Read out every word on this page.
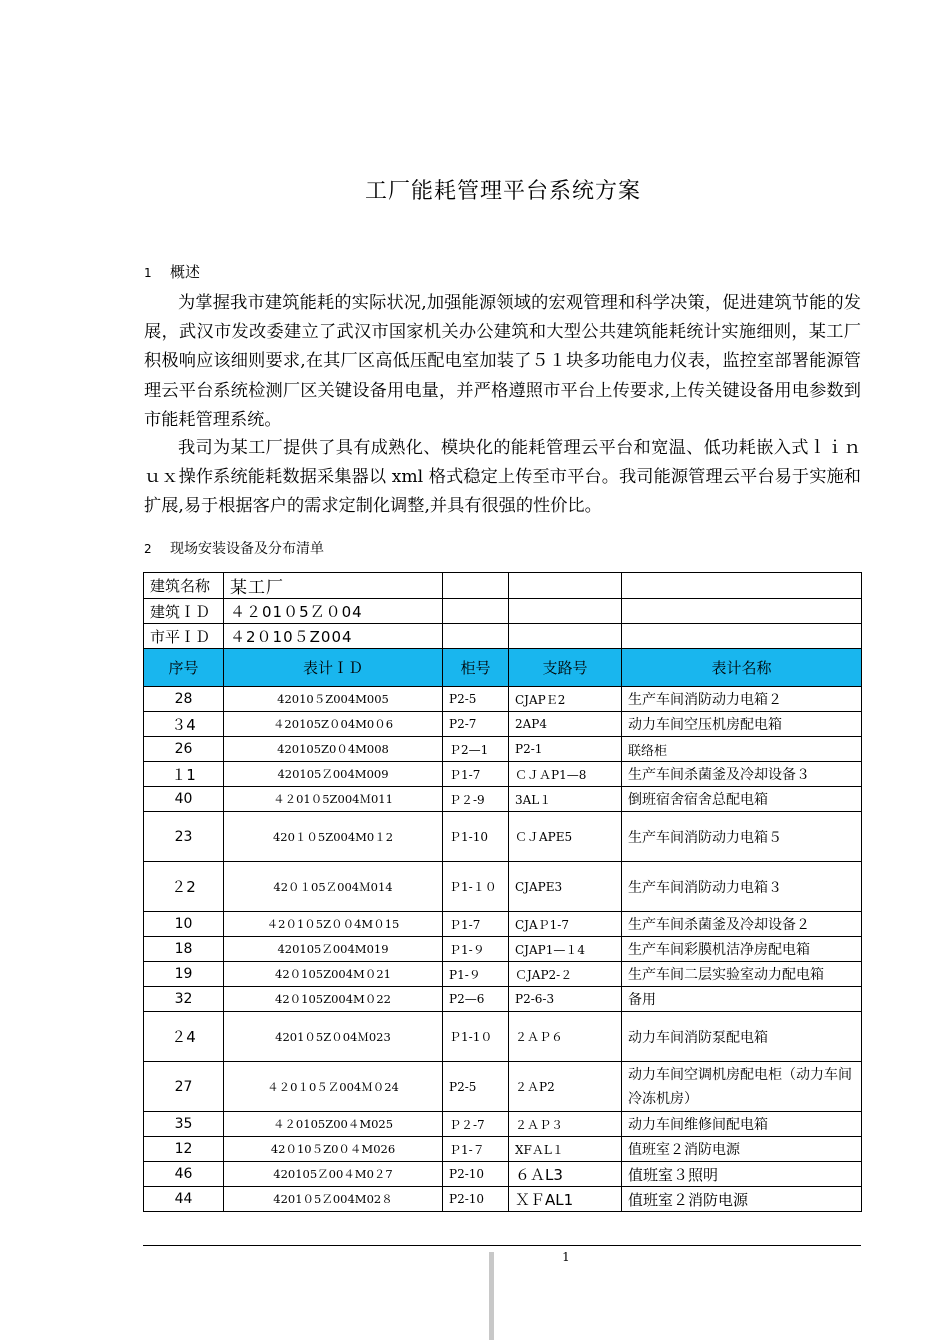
工厂能耗管理平台系统方案
1 概述

为掌握我市建筑能耗的实际状况,加强能源领域的宏观管理和科学决策，促进建筑节能的发展，武汉市发改委建立了武汉市国家机关办公建筑和大型公共建筑能耗统计实施细则，某工厂积极响应该细则要求,在其厂区高低压配电室加装了５１块多功能电力仪表，监控室部署能源管理云平台系统检测厂区关键设备用电量，并严格遵照市平台上传要求,上传关键设备用电参数到市能耗管理系统。

我司为某工厂提供了具有成熟化、模块化的能耗管理云平台和宽温、低功耗嵌入式ｌｉｎｕｘ操作系统能耗数据采集器以 xml 格式稳定上传至市平台。我司能源管理云平台易于实施和扩展,易于根据客户的需求定制化调整,并具有很强的性价比。

2 现场安装设备及分布清单
建筑名称	某工厂			
建筑ＩＤ	４２01０5Ｚ０04			
市平ＩＤ	４2０10５Z004			
序号	表计ＩＤ	柜号	支路号	表计名称
28	42010５Z004M005	P2-5	CJAPＥ2	生产车间消防动力电箱２
３4	４20105Z０04M0０6	P2-7	2AP4	动力车间空压机房配电箱
26	420105Z0０4M008	Ｐ2—1	P2-1	联络柜
１1	420105Ｚ004M009	Ｐ1-7	ＣＪＡP1—8	生产车间杀菌釜及冷却设备３
40	４２01０5Z004Ｍ011	Ｐ２-9	3AL１	倒班宿舍宿舍总配电箱
23	420１０5Z004M0１2	Ｐ1-10	ＣＪAPE5	生产车间消防动力电箱５
２2	42０１05Ｚ004Ｍ014	Ｐ1-１０	CJAPE3	生产车间消防动力电箱３
10	４2０1０5Z００4M０15	Ｐ1-7	CJAＰ1-7	生产车间杀菌釜及冷却设备２
18	420105Ｚ004M019	Ｐ1-９	CJAP1—１4	生产车间彩膜机洁净房配电箱
19	42０105Z004M０21	P1-９	ＣJAP2-２	生产车间二层实验室动力配电箱
32	42０105Z004M０22	P2—6	P2-6-3	备用
２4	4201０5Z０04Ｍ023	Ｐ1-1０	２ＡＰ６	动力车间消防泵配电箱
27	４２0１0５Ｚ004Ｍ０24	P2-5	２ＡP2	动力车间空调机房配电柜（动力车间冷冻机房）
35	４２0105Z00４M025	Ｐ２-7	２ＡＰ３	动力车间维修间配电箱
12	42０10５Z0０４M026	Ｐ1-７	XFＡL１	值班室２消防电源
46	420105Ｚ00４M0２7	P2-10	６ＡL3	值班室３照明
44	4201０5Ｚ004M02８	P2-10	ＸＦAL1	值班室２消防电源
1
